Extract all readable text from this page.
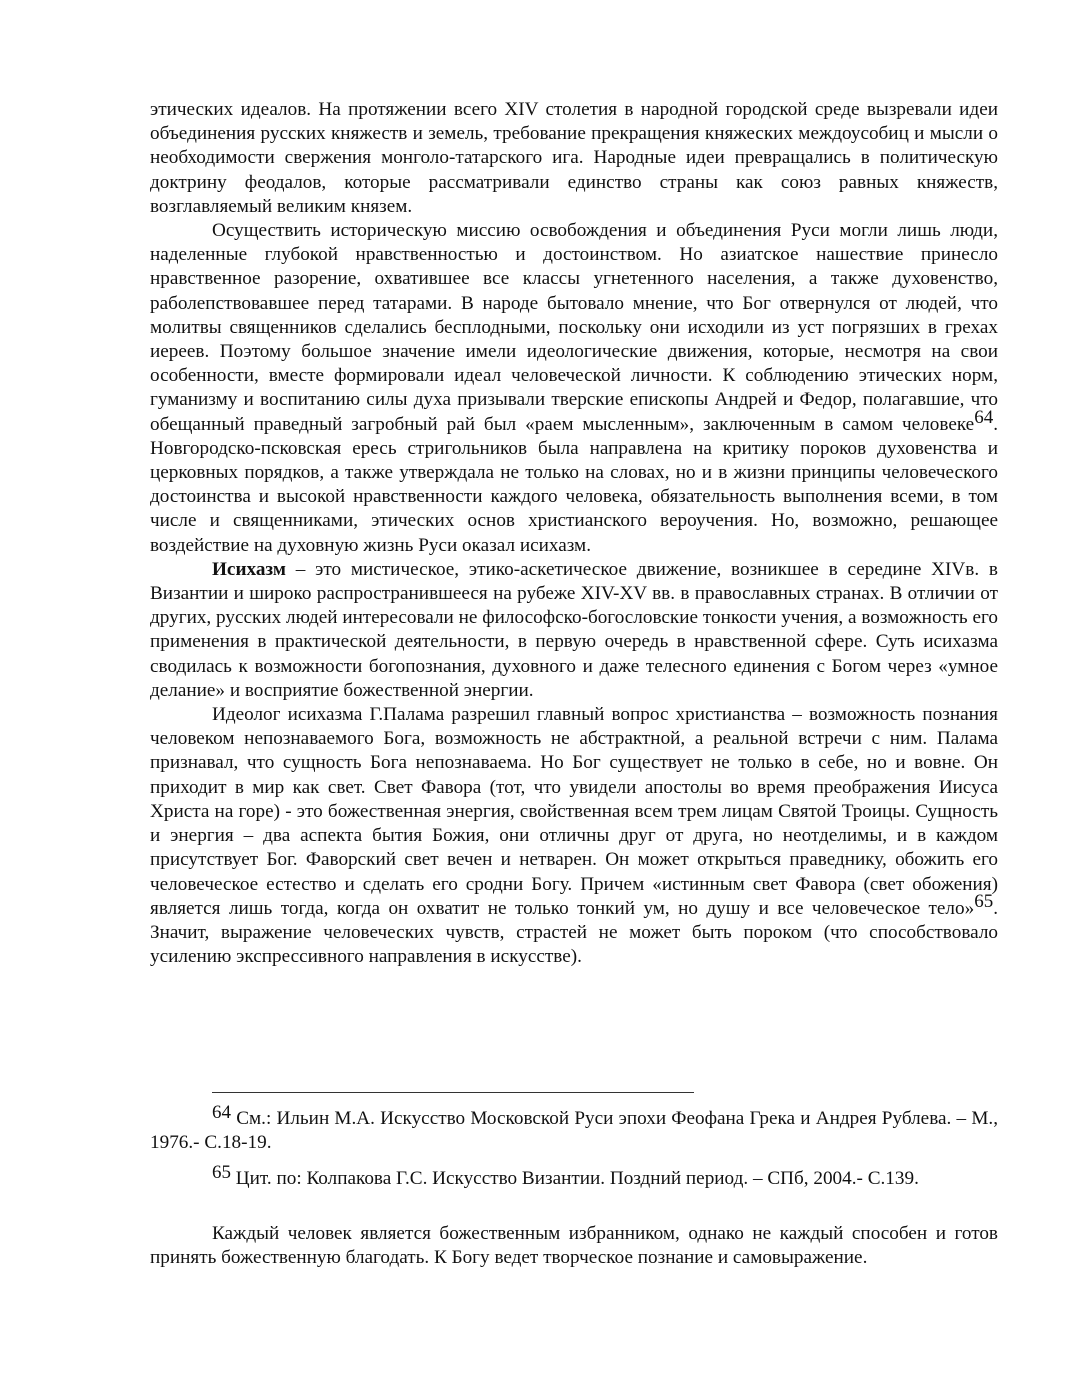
этических идеалов. На протяжении всего XIV столетия в народной городской среде вызревали идеи объединения русских княжеств и земель, требование прекращения княжеских междоусобиц и мысли о необходимости свержения монголо-татарского ига. Народные идеи превращались в политическую доктрину феодалов, которые рассматривали единство страны как союз равных княжеств, возглавляемый великим князем.

Осуществить историческую миссию освобождения и объединения Руси могли лишь люди, наделенные глубокой нравственностью и достоинством. Но азиатское нашествие принесло нравственное разорение, охватившее все классы угнетенного населения, а также духовенство, раболепствовавшее перед татарами. В народе бытовало мнение, что Бог отвернулся от людей, что молитвы священников сделались бесплодными, поскольку они исходили из уст погрязших в грехах иереев. Поэтому большое значение имели идеологические движения, которые, несмотря на свои особенности, вместе формировали идеал человеческой личности. К соблюдению этических норм, гуманизму и воспитанию силы духа призывали тверские епископы Андрей и Федор, полагавшие, что обещанный праведный загробный рай был «раем мысленным», заключенным в самом человеке64. Новгородско-псковская ересь стригольников была направлена на критику пороков духовенства и церковных порядков, а также утверждала не только на словах, но и в жизни принципы человеческого достоинства и высокой нравственности каждого человека, обязательность выполнения всеми, в том числе и священниками, этических основ христианского вероучения. Но, возможно, решающее воздействие на духовную жизнь Руси оказал исихазм.

Исихазм – это мистическое, этико-аскетическое движение, возникшее в середине XIVв. в Византии и широко распространившееся на рубеже XIV-XV вв. в православных странах. В отличии от других, русских людей интересовали не философско-богословские тонкости учения, а возможность его применения в практической деятельности, в первую очередь в нравственной сфере. Суть исихазма сводилась к возможности богопознания, духовного и даже телесного единения с Богом через «умное делание» и восприятие божественной энергии.

Идеолог исихазма Г.Палама разрешил главный вопрос христианства – возможность познания человеком непознаваемого Бога, возможность не абстрактной, а реальной встречи с ним. Палама признавал, что сущность Бога непознаваема. Но Бог существует не только в себе, но и вовне. Он приходит в мир как свет. Свет Фавора (тот, что увидели апостолы во время преображения Иисуса Христа на горе) - это божественная энергия, свойственная всем трем лицам Святой Троицы. Сущность и энергия – два аспекта бытия Божия, они отличны друг от друга, но неотделимы, и в каждом присутствует Бог. Фаворский свет вечен и нетварен. Он может открыться праведнику, обожить его человеческое естество и сделать его сродни Богу. Причем «истинным свет Фавора (свет обожения) является лишь тогда, когда он охватит не только тонкий ум, но душу и все человеческое тело»65. Значит, выражение человеческих чувств, страстей не может быть пороком (что способствовало усилению экспрессивного направления в искусстве).

64 См.: Ильин М.А. Искусство Московской Руси эпохи Феофана Грека и Андрея Рублева. – М., 1976.- С.18-19.

65 Цит. по: Колпакова Г.С. Искусство Византии. Поздний период. – СПб, 2004.- С.139.

Каждый человек является божественным избранником, однако не каждый способен и готов принять божественную благодать. К Богу ведет творческое познание и самовыражение.
